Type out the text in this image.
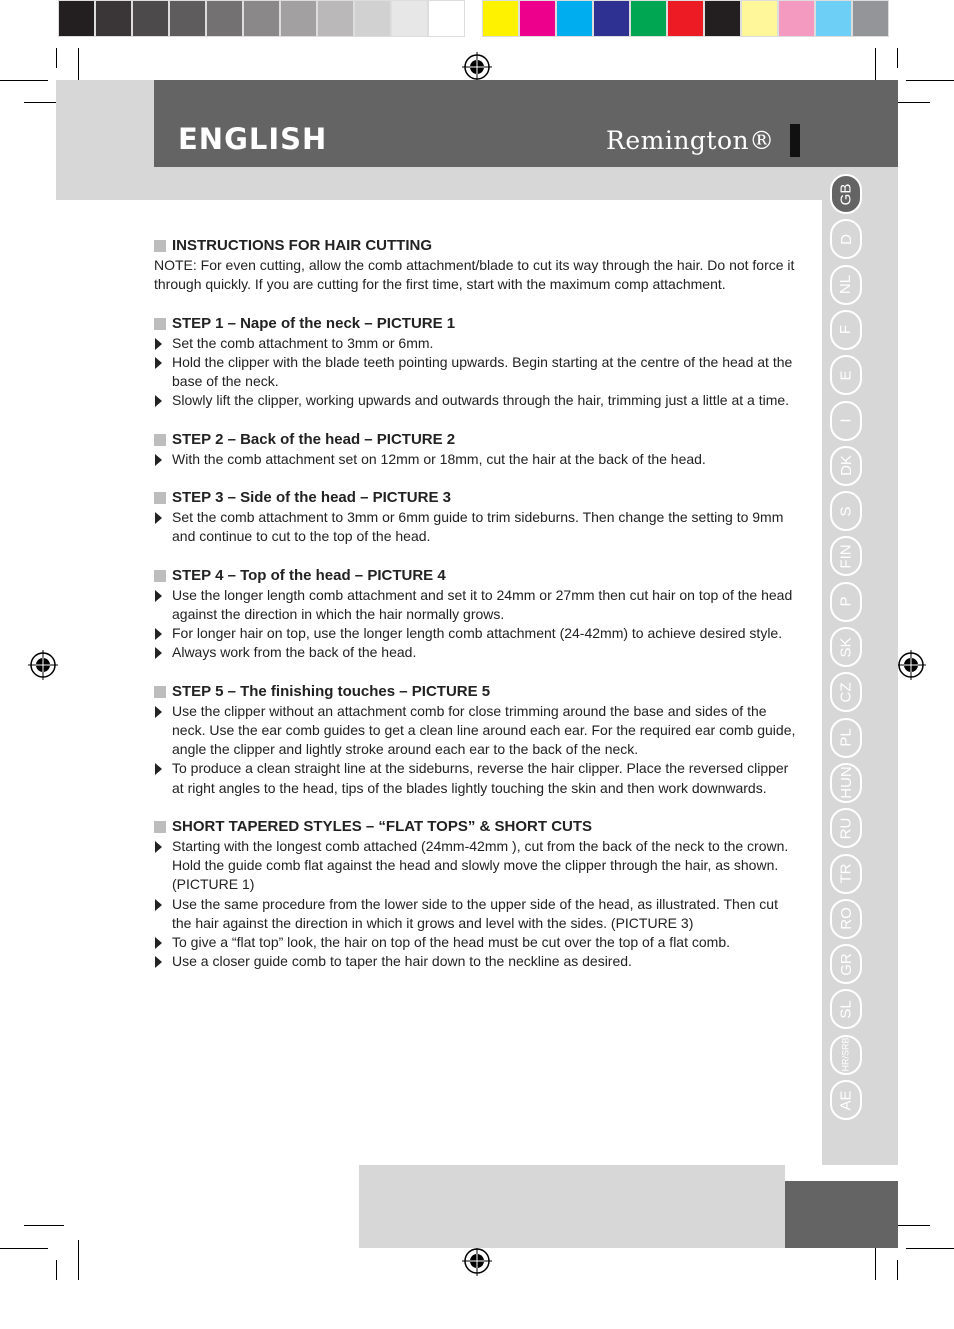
ENGLISH	Remington®
GB
D
NL
F
E
I
DK
S
FIN
P
SK
CZ
PL
HUN
RU
TR
RO
GR
SL
HR/SRB
AE
INSTRUCTIONS FOR HAIR CUTTING
NOTE: For even cutting, allow the comb attachment/blade to cut its way through the hair. Do not force it through quickly. If you are cutting for the first time, start with the maximum comp attachment.
STEP 1 – Nape of the neck – PICTURE 1
Set the comb attachment to 3mm or 6mm.
Hold the clipper with the blade teeth pointing upwards. Begin starting at the centre of the head at the base of the neck.
Slowly lift the clipper, working upwards and outwards through the hair, trimming just a little at a time.
STEP 2 – Back of the head – PICTURE 2
With the comb attachment set on 12mm or 18mm, cut the hair at the back of the head.
STEP 3 – Side of the head – PICTURE 3
Set the comb attachment to 3mm or 6mm guide to trim sideburns. Then change the setting to 9mm and continue to cut to the top of the head.
STEP 4 – Top of the head – PICTURE 4
Use the longer length comb attachment and set it to 24mm or 27mm then cut hair on top of the head against the direction in which the hair normally grows.
For longer hair on top, use the longer length comb attachment (24-42mm) to achieve desired style.
Always work from the back of the head.
STEP 5 – The finishing touches – PICTURE 5
Use the clipper without an attachment comb for close trimming around the base and sides of the neck. Use the ear comb guides to get a clean line around each ear. For the required ear comb guide, angle the clipper and lightly stroke around each ear to the back of the neck.
To produce a clean straight line at the sideburns, reverse the hair clipper. Place the reversed clipper at right angles to the head, tips of the blades lightly touching the skin and then work downwards.
SHORT TAPERED STYLES – “FLAT TOPS” & SHORT CUTS
Starting with the longest comb attached (24mm-42mm ), cut from the back of the neck to the crown. Hold the guide comb flat against the head and slowly move the clipper through the hair, as shown. (PICTURE 1)
Use the same procedure from the lower side to the upper side of the head, as illustrated. Then cut the hair against the direction in which it grows and level with the sides. (PICTURE 3)
To give a “flat top” look, the hair on top of the head must be cut over the top of a flat comb.
Use a closer guide comb to taper the hair down to the neckline as desired.
